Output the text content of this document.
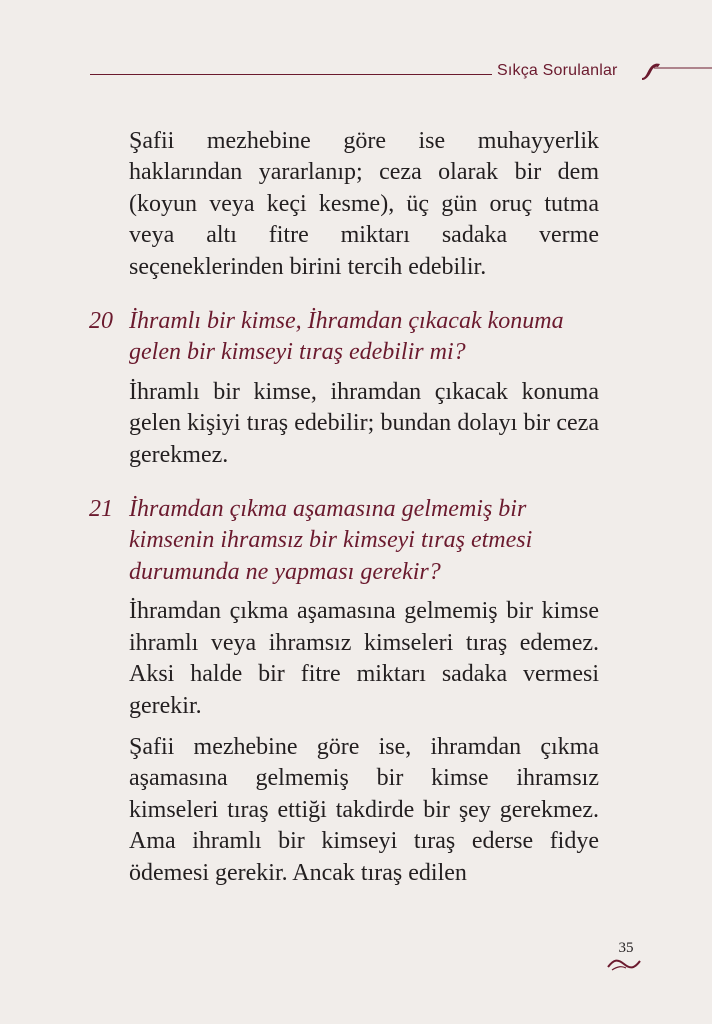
Sıkça Sorulanlar

Şafii mezhebine göre ise muhayyerlik haklarından yararlanıp; ceza olarak bir dem (koyun veya keçi kesme), üç gün oruç tutma veya altı fitre miktarı sadaka verme seçeneklerinden birini tercih edebilir.

20 İhramlı bir kimse, İhramdan çıkacak konuma gelen bir kimseyi tıraş edebilir mi?

İhramlı bir kimse, ihramdan çıkacak konuma gelen kişiyi tıraş edebilir; bundan dolayı bir ceza gerekmez.

21 İhramdan çıkma aşamasına gelmemiş bir kimsenin ihramsız bir kimseyi tıraş etmesi durumunda ne yapması gerekir?

İhramdan çıkma aşamasına gelmemiş bir kimse ihramlı veya ihramsız kimseleri tıraş edemez. Aksi halde bir fitre miktarı sadaka vermesi gerekir.

Şafii mezhebine göre ise, ihramdan çıkma aşamasına gelmemiş bir kimse ihramsız kimseleri tıraş ettiği takdirde bir şey gerekmez. Ama ihramlı bir kimseyi tıraş ederse fidye ödemesi gerekir. Ancak tıraş edilen

35
